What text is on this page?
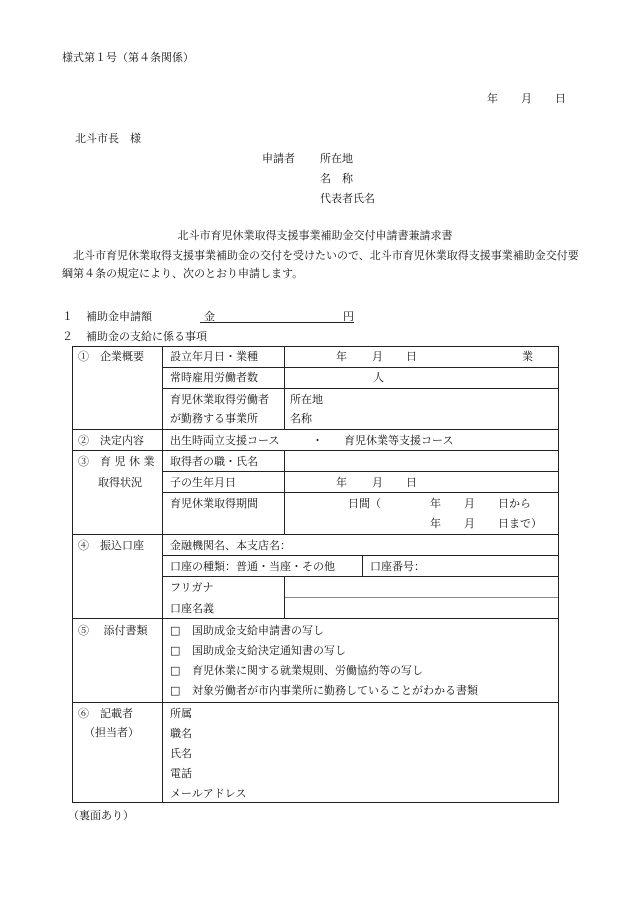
様式第１号（第４条関係）
年 月 日
北斗市長　様
申請者 所在地
名　称
代表者氏名
北斗市育児休業取得支援事業補助金交付申請書兼請求書
北斗市育児休業取得支援事業補助金の交付を受けたいので、北斗市育児休業取得支援事業補助金交付要綱第４条の規定により、次のとおり申請します。
１ 補助金申請額	金	円
２ 補助金の支給に係る事項
①　企業概要 設立年月日・業種	年 月 日	業
常時雇用労働者数	人
育児休業取得労働者
が勤務する事業所
所在地
名称
②　決定内容 出生時両立支援コース	・ 育児休業等支援コース
③　育 児 休 業
取得状況
取得者の職・氏名
子の生年月日	年 月 日
育児休業取得期間	日間（	年 月 日から
年 月 日まで）
④　振込口座 金融機関名、本支店名：
口座の種類：普通・当座・その他	口座番号：
フリガナ
口座名義
⑤　 添付書類
□	国助成金支給申請書の写し
□ 国助成金支給決定通知書の写し
□ 育児休業に関する就業規則、労働協約等の写し
□ 対象労働者が市内事業所に勤務していることがわかる書類
⑥　記載者
（担当者）
所属
職名
氏名
電話
メールアドレス
（裏面あり）
